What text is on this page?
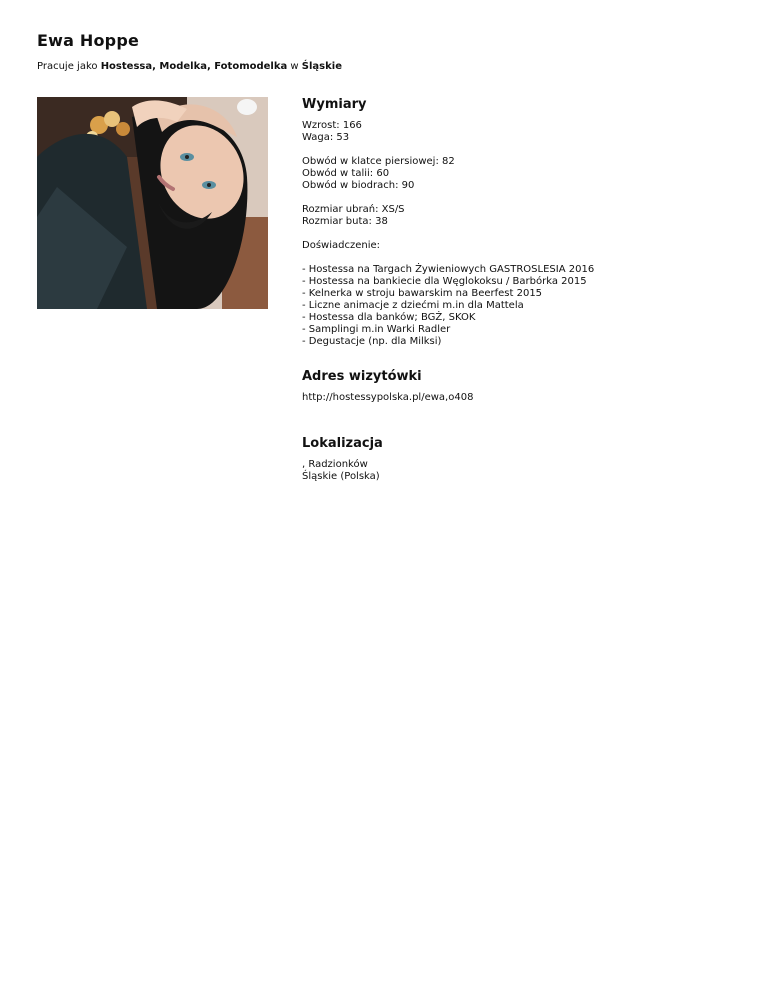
Ewa Hoppe
Pracuje jako Hostessa, Modelka, Fotomodelka w Śląskie
Wymiary
Wzrost: 166
Waga: 53
Obwód w klatce piersiowej: 82
Obwód w talii: 60
Obwód w biodrach: 90
Rozmiar ubrań: XS/S
Rozmiar buta: 38
Doświadczenie:
- Hostessa na Targach Żywieniowych GASTROSLESIA 2016
- Hostessa na bankiecie dla Węglokoksu / Barbórka 2015
- Kelnerka w stroju bawarskim na Beerfest 2015
- Liczne animacje z dziećmi m.in dla Mattela
- Hostessa dla banków; BGŻ, SKOK
- Samplingi m.in Warki Radler
- Degustacje (np. dla Milksi)
Adres wizytówki
http://hostessypolska.pl/ewa,o408
Lokalizacja
, Radzionków
Śląskie (Polska)
